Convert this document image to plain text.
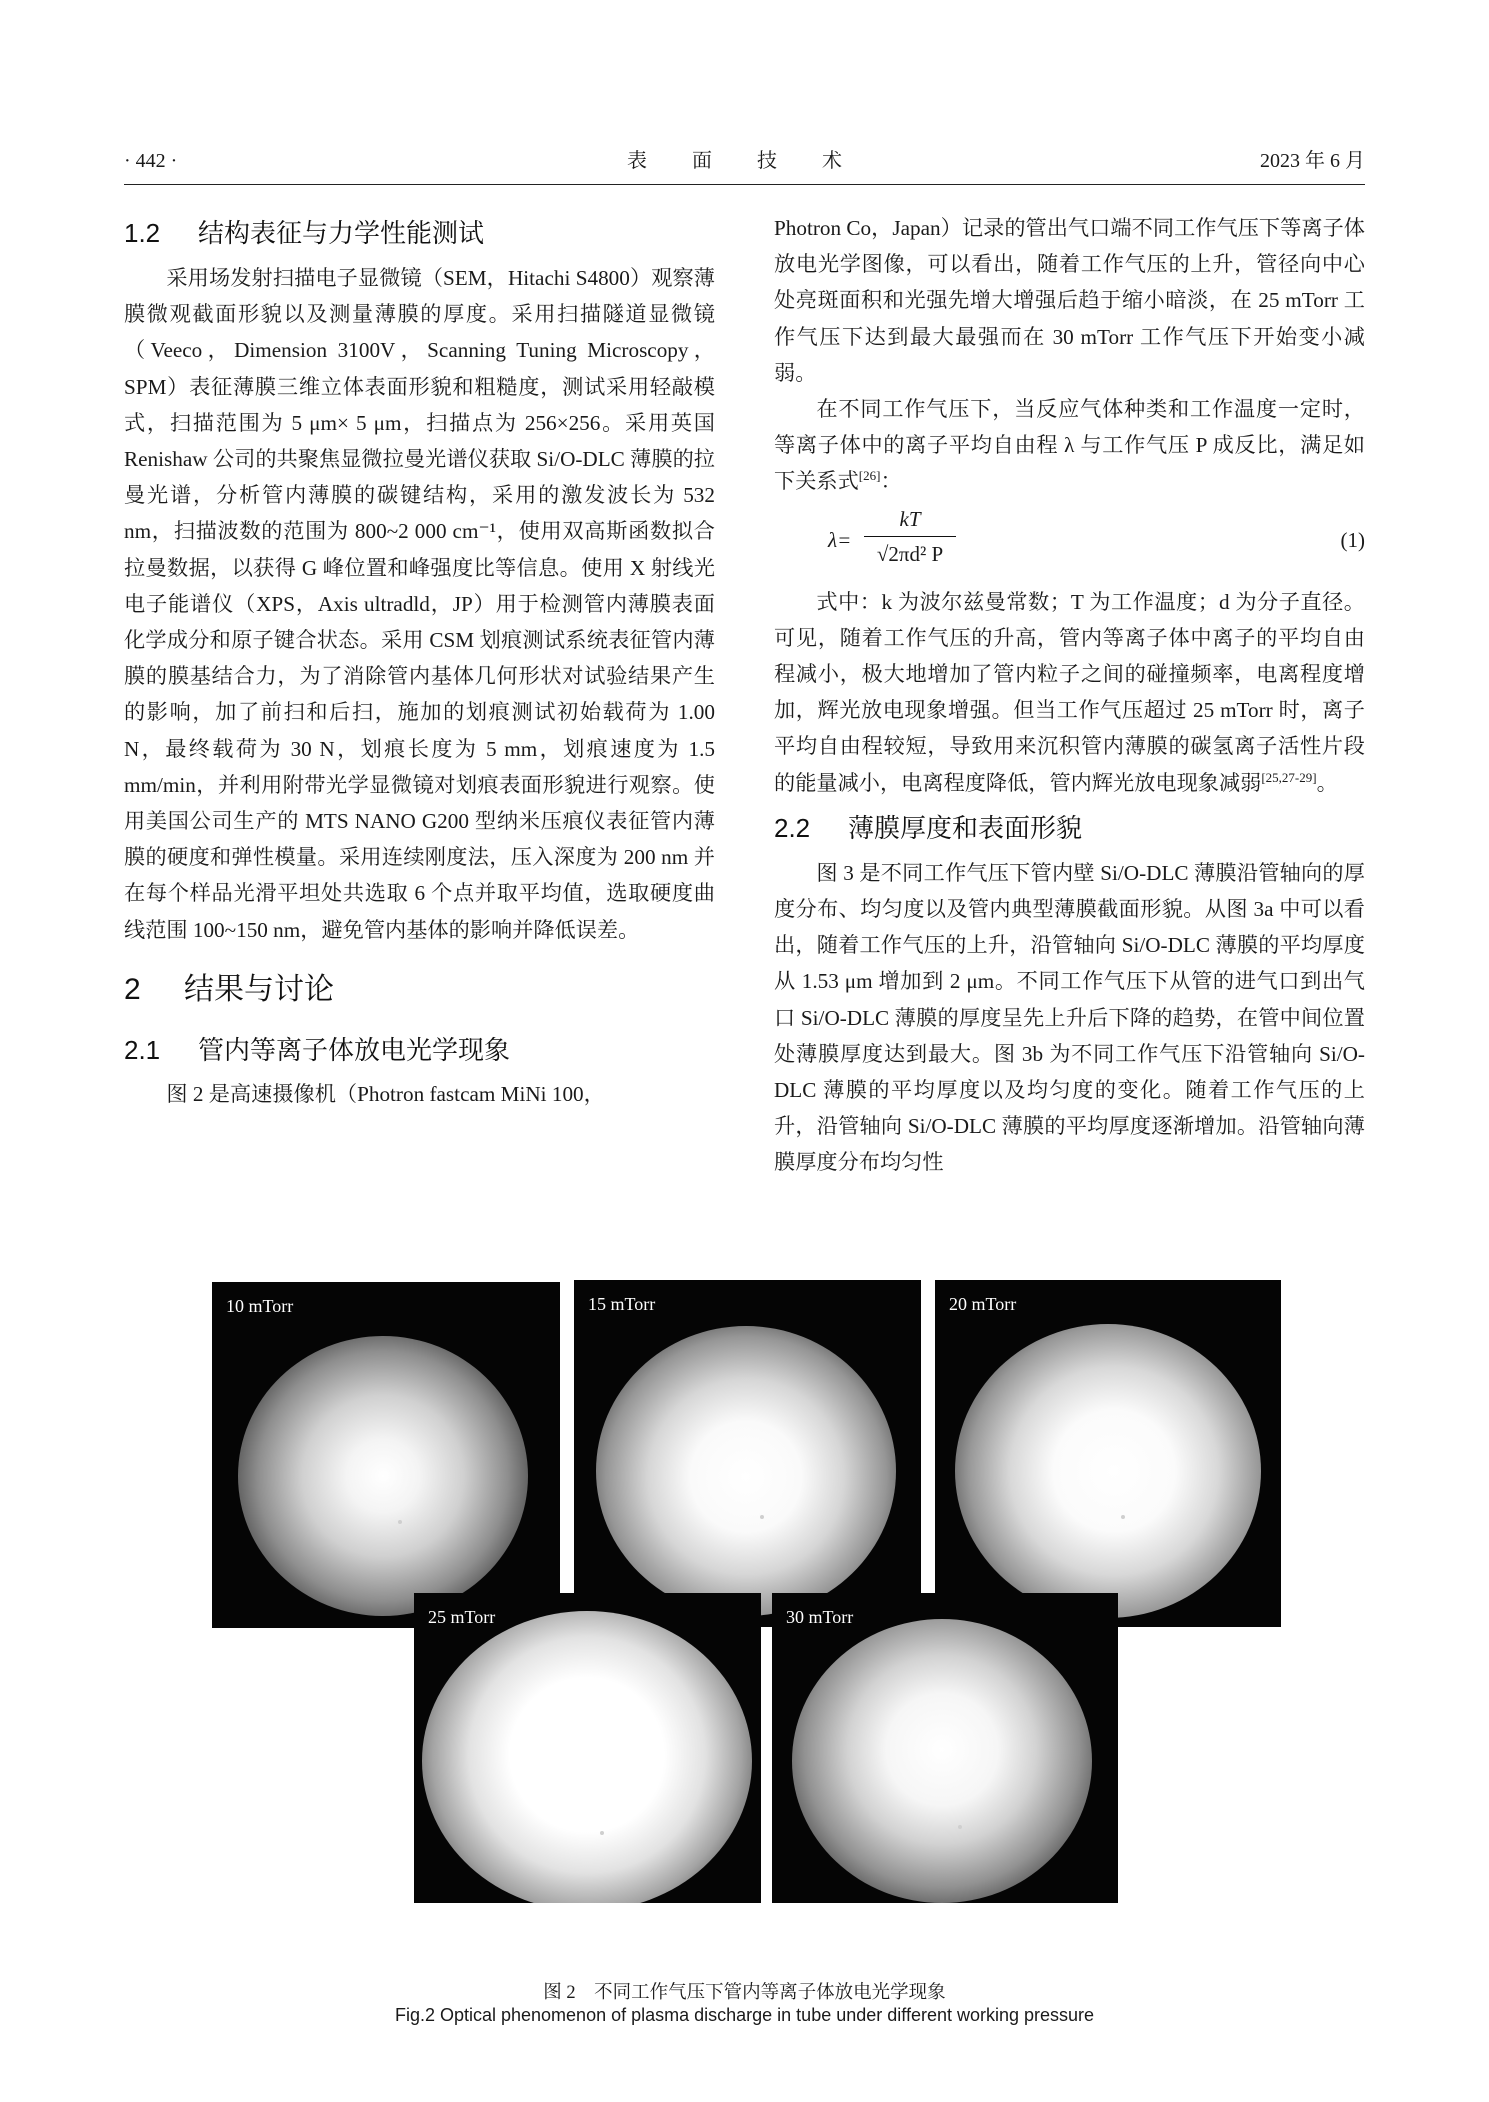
· 442 ·	表 面 技 术	2023 年 6 月
1.2 结构表征与力学性能测试

采用场发射扫描电子显微镜（SEM，Hitachi S4800）观察薄膜微观截面形貌以及测量薄膜的厚度。采用扫描隧道显微镜（Veeco，Dimension 3100V，Scanning Tuning Microscopy，SPM）表征薄膜三维立体表面形貌和粗糙度，测试采用轻敲模式，扫描范围为 5 μm× 5 μm，扫描点为 256×256。采用英国 Renishaw 公司的共聚焦显微拉曼光谱仪获取 Si/O-DLC 薄膜的拉曼光谱，分析管内薄膜的碳键结构，采用的激发波长为 532 nm，扫描波数的范围为 800~2 000 cm⁻¹，使用双高斯函数拟合拉曼数据，以获得 G 峰位置和峰强度比等信息。使用 X 射线光电子能谱仪（XPS，Axis ultradld，JP）用于检测管内薄膜表面化学成分和原子键合状态。采用 CSM 划痕测试系统表征管内薄膜的膜基结合力，为了消除管内基体几何形状对试验结果产生的影响，加了前扫和后扫，施加的划痕测试初始载荷为 1.00 N，最终载荷为 30 N，划痕长度为 5 mm，划痕速度为 1.5 mm/min，并利用附带光学显微镜对划痕表面形貌进行观察。使用美国公司生产的 MTS NANO G200 型纳米压痕仪表征管内薄膜的硬度和弹性模量。采用连续刚度法，压入深度为 200 nm 并在每个样品光滑平坦处共选取 6 个点并取平均值，选取硬度曲线范围 100~150 nm，避免管内基体的影响并降低误差。

2 结果与讨论
2.1 管内等离子体放电光学现象

图 2 是高速摄像机（Photron fastcam MiNi 100，

Photron Co，Japan）记录的管出气口端不同工作气压下等离子体放电光学图像，可以看出，随着工作气压的上升，管径向中心处亮斑面积和光强先增大增强后趋于缩小暗淡，在 25 mTorr 工作气压下达到最大最强而在 30 mTorr 工作气压下开始变小减弱。

在不同工作气压下，当反应气体种类和工作温度一定时，等离子体中的离子平均自由程 λ 与工作气压 P 成反比，满足如下关系式[26]：

λ=
kT
√2πd² P
(1)

式中：k 为波尔兹曼常数；T 为工作温度；d 为分子直径。可见，随着工作气压的升高，管内等离子体中离子的平均自由程减小，极大地增加了管内粒子之间的碰撞频率，电离程度增加，辉光放电现象增强。但当工作气压超过 25 mTorr 时，离子平均自由程较短，导致用来沉积管内薄膜的碳氢离子活性片段的能量减小，电离程度降低，管内辉光放电现象减弱[25,27-29]。

2.2 薄膜厚度和表面形貌

图 3 是不同工作气压下管内壁 Si/O-DLC 薄膜沿管轴向的厚度分布、均匀度以及管内典型薄膜截面形貌。从图 3a 中可以看出，随着工作气压的上升，沿管轴向 Si/O-DLC 薄膜的平均厚度从 1.53 μm 增加到 2 μm。不同工作气压下从管的进气口到出气口 Si/O-DLC 薄膜的厚度呈先上升后下降的趋势，在管中间位置处薄膜厚度达到最大。图 3b 为不同工作气压下沿管轴向 Si/O-DLC 薄膜的平均厚度以及均匀度的变化。随着工作气压的上升，沿管轴向 Si/O-DLC 薄膜的平均厚度逐渐增加。沿管轴向薄膜厚度分布均匀性

10 mTorr	15 mTorr	20 mTorr
25 mTorr	30 mTorr
图 2　不同工作气压下管内等离子体放电光学现象
Fig.2 Optical phenomenon of plasma discharge in tube under different working pressure
